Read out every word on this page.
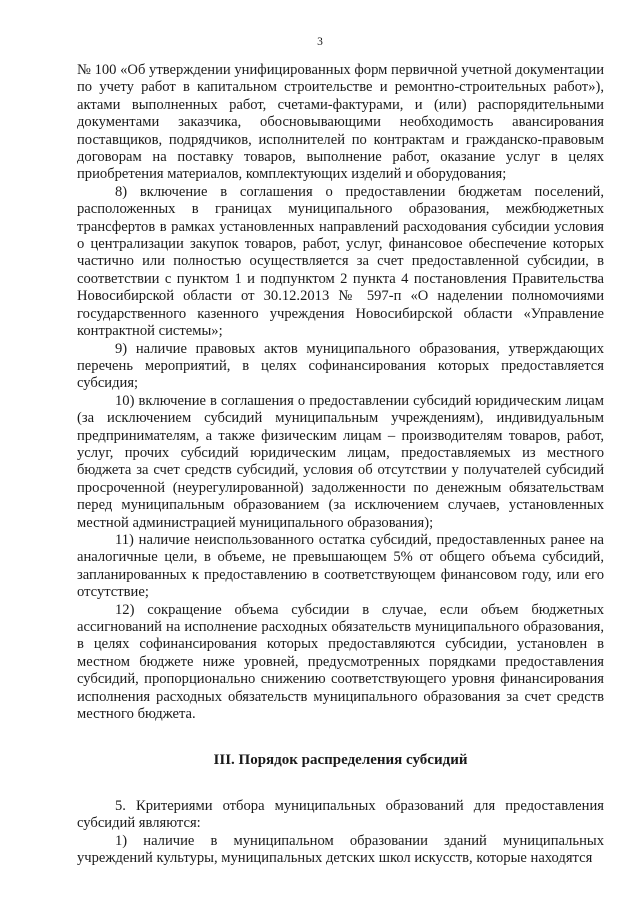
3

№ 100 «Об утверждении унифицированных форм первичной учетной документации по учету работ в капитальном строительстве и ремонтно-строительных работ»), актами выполненных работ, счетами-фактурами, и (или) распорядительными документами заказчика, обосновывающими необходимость авансирования поставщиков, подрядчиков, исполнителей по контрактам и гражданско-правовым договорам на поставку товаров, выполнение работ, оказание услуг в целях приобретения материалов, комплектующих изделий и оборудования;

8) включение в соглашения о предоставлении бюджетам поселений, расположенных в границах муниципального образования, межбюджетных трансфертов в рамках установленных направлений расходования субсидии условия о централизации закупок товаров, работ, услуг, финансовое обеспечение которых частично или полностью осуществляется за счет предоставленной субсидии, в соответствии с пунктом 1 и подпунктом 2 пункта 4 постановления Правительства Новосибирской области от 30.12.2013 № 597-п «О наделении полномочиями государственного казенного учреждения Новосибирской области «Управление контрактной системы»;

9) наличие правовых актов муниципального образования, утверждающих перечень мероприятий, в целях софинансирования которых предоставляется субсидия;

10) включение в соглашения о предоставлении субсидий юридическим лицам (за исключением субсидий муниципальным учреждениям), индивидуальным предпринимателям, а также физическим лицам – производителям товаров, работ, услуг, прочих субсидий юридическим лицам, предоставляемых из местного бюджета за счет средств субсидий, условия об отсутствии у получателей субсидий просроченной (неурегулированной) задолженности по денежным обязательствам перед муниципальным образованием (за исключением случаев, установленных местной администрацией муниципального образования);

11) наличие неиспользованного остатка субсидий, предоставленных ранее на аналогичные цели, в объеме, не превышающем 5% от общего объема субсидий, запланированных к предоставлению в соответствующем финансовом году, или его отсутствие;

12) сокращение объема субсидии в случае, если объем бюджетных ассигнований на исполнение расходных обязательств муниципального образования, в целях софинансирования которых предоставляются субсидии, установлен в местном бюджете ниже уровней, предусмотренных порядками предоставления субсидий, пропорционально снижению соответствующего уровня финансирования исполнения расходных обязательств муниципального образования за счет средств местного бюджета.

III. Порядок распределения субсидий

5. Критериями отбора муниципальных образований для предоставления субсидий являются:

1) наличие в муниципальном образовании зданий муниципальных учреждений культуры, муниципальных детских школ искусств, которые находятся
